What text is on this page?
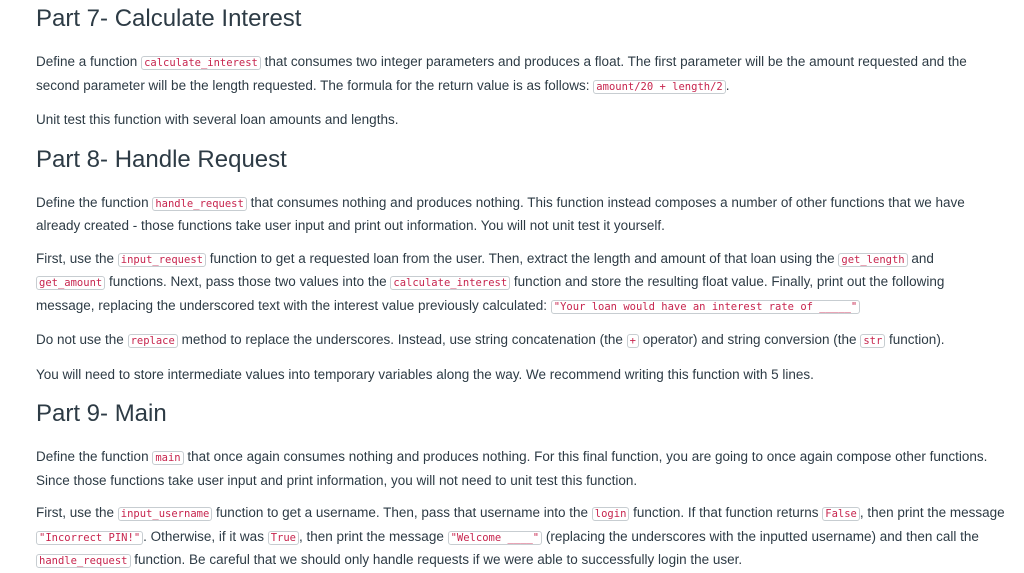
Part 7- Calculate Interest

Define a function calculate_interest that consumes two integer parameters and produces a float. The first parameter will be the amount requested and the second parameter will be the length requested. The formula for the return value is as follows: amount/20 + length/2 .

Unit test this function with several loan amounts and lengths.

Part 8- Handle Request

Define the function handle_request that consumes nothing and produces nothing. This function instead composes a number of other functions that we have already created - those functions take user input and print out information. You will not unit test it yourself.

First, use the input_request function to get a requested loan from the user. Then, extract the length and amount of that loan using the get_length and get_amount functions. Next, pass those two values into the calculate_interest function and store the resulting float value. Finally, print out the following message, replacing the underscored text with the interest value previously calculated: "Your loan would have an interest rate of _____"

Do not use the replace method to replace the underscores. Instead, use string concatenation (the + operator) and string conversion (the str function).

You will need to store intermediate values into temporary variables along the way. We recommend writing this function with 5 lines.

Part 9- Main

Define the function main that once again consumes nothing and produces nothing. For this final function, you are going to once again compose other functions. Since those functions take user input and print information, you will not need to unit test this function.

First, use the input_username function to get a username. Then, pass that username into the login function. If that function returns False , then print the message "Incorrect PIN!" . Otherwise, if it was True , then print the message "Welcome ____" (replacing the underscores with the inputted username) and then call the handle_request function. Be careful that we should only handle requests if we were able to successfully login the user.
